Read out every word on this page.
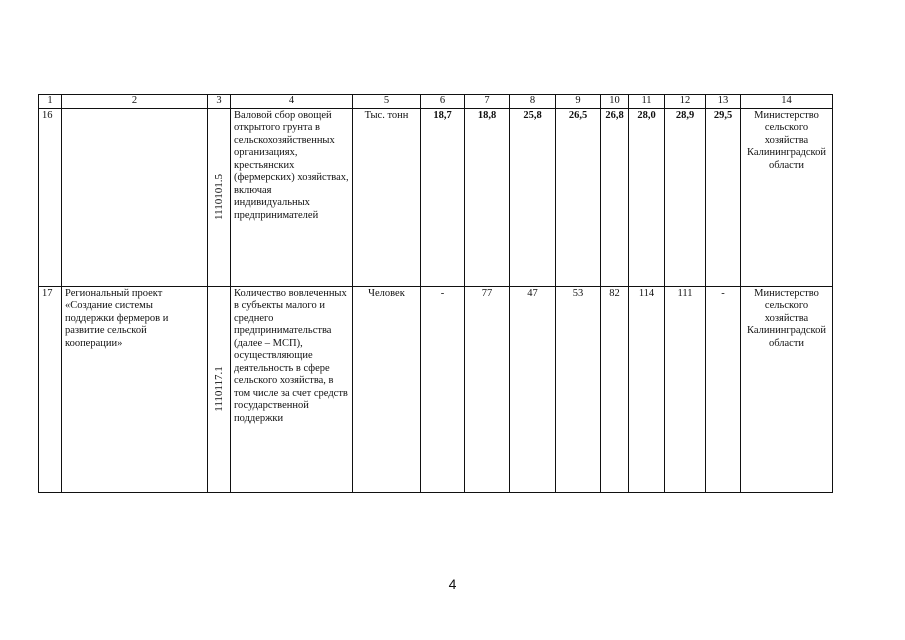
1	2	3	4	5	6	7	8	9	10	11	12	13	14
16		1110101.5	Валовой сбор овощей открытого грунта в сельскохозяйственных организациях, крестьянских (фермерских) хозяйствах, включая индивидуальных предпринимателей	Тыс. тонн	18,7	18,8	25,8	26,5	26,8	28,0	28,9	29,5	Министерство сельского хозяйства Калининградской области
17	Региональный проект «Создание системы поддержки фермеров и развитие сельской кооперации»	1110117.1	Количество вовлеченных в субъекты малого и среднего предпринимательства (далее – МСП), осуществляющие деятельность в сфере сельского хозяйства, в том числе за счет средств государственной поддержки	Человек	-	77	47	53	82	114	111	-	Министерство сельского хозяйства Калининградской области
4
